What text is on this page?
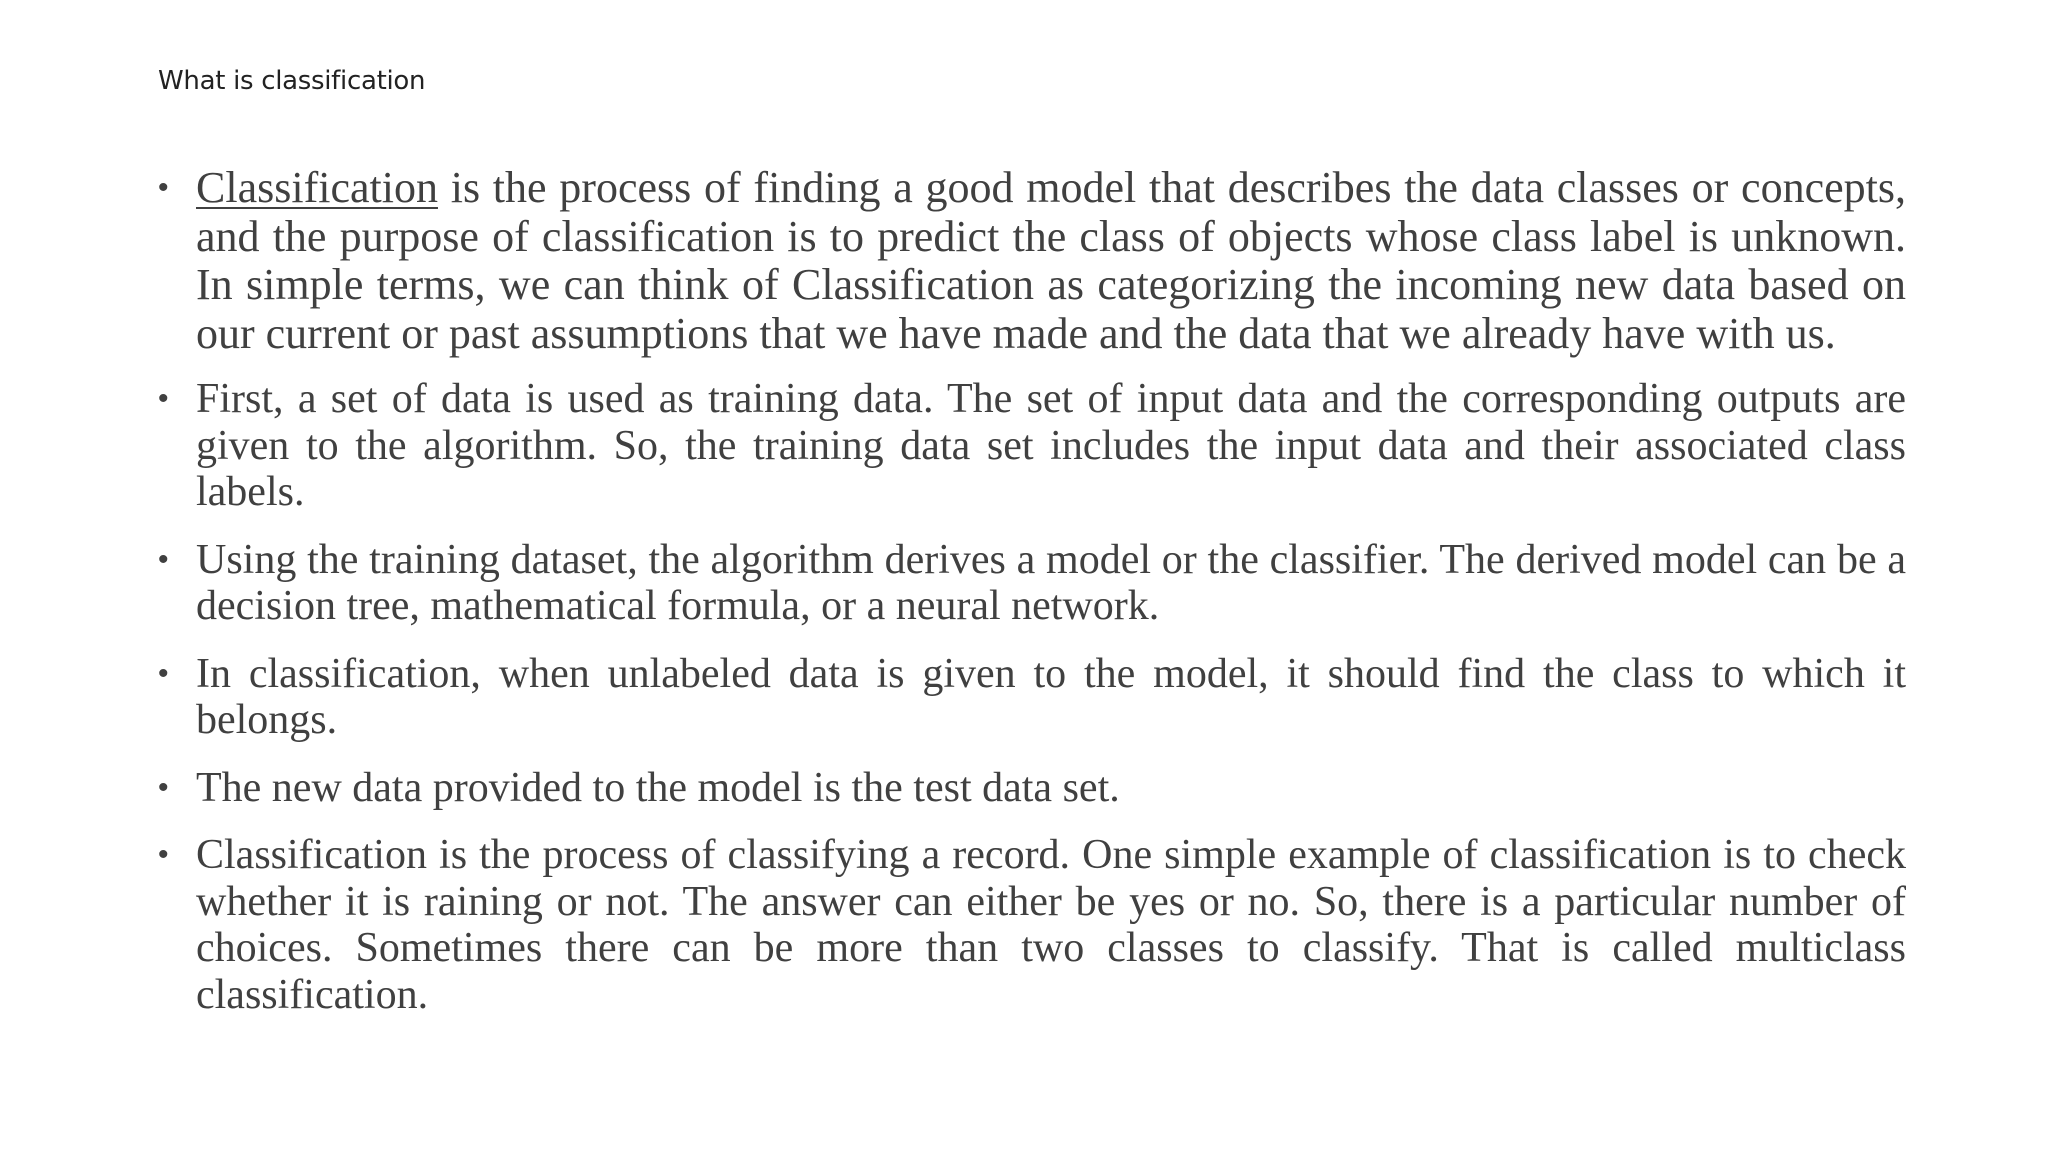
What is classification
• Classification is the process of finding a good model that describes the data classes or concepts, and the purpose of classification is to predict the class of objects whose class label is unknown. In simple terms, we can think of Classification as categorizing the incoming new data based on our current or past assumptions that we have made and the data that we already have with us.
• First, a set of data is used as training data. The set of input data and the corresponding outputs are given to the algorithm. So, the training data set includes the input data and their associated class labels.
• Using the training dataset, the algorithm derives a model or the classifier. The derived model can be a decision tree, mathematical formula, or a neural network.
• In classification, when unlabeled data is given to the model, it should find the class to which it belongs.
• The new data provided to the model is the test data set.
• Classification is the process of classifying a record. One simple example of classification is to check whether it is raining or not. The answer can either be yes or no. So, there is a particular number of choices. Sometimes there can be more than two classes to classify. That is called multiclass classification.
